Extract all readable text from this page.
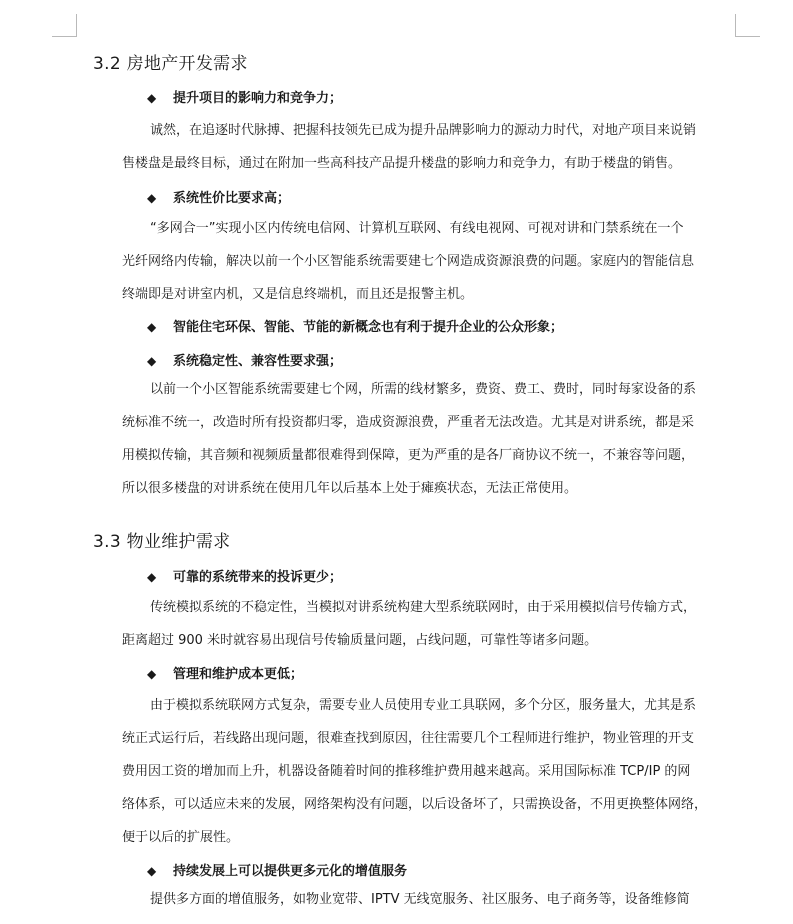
3.2 房地产开发需求
◆ 提升项目的影响力和竞争力；
诚然，在追逐时代脉搏、把握科技领先已成为提升品牌影响力的源动力时代，对地产项目来说销
售楼盘是最终目标，通过在附加一些高科技产品提升楼盘的影响力和竞争力，有助于楼盘的销售。
◆ 系统性价比要求高；
“多网合一”实现小区内传统电信网、计算机互联网、有线电视网、可视对讲和门禁系统在一个
光纤网络内传输，解决以前一个小区智能系统需要建七个网造成资源浪费的问题。家庭内的智能信息
终端即是对讲室内机，又是信息终端机，而且还是报警主机。
◆ 智能住宅环保、智能、节能的新概念也有利于提升企业的公众形象；
◆ 系统稳定性、兼容性要求强；
以前一个小区智能系统需要建七个网，所需的线材繁多，费资、费工、费时，同时每家设备的系
统标准不统一，改造时所有投资都归零，造成资源浪费，严重者无法改造。尤其是对讲系统，都是采
用模拟传输，其音频和视频质量都很难得到保障，更为严重的是各厂商协议不统一，不兼容等问题，
所以很多楼盘的对讲系统在使用几年以后基本上处于瘫痪状态，无法正常使用。
3.3 物业维护需求
◆ 可靠的系统带来的投诉更少；
传统模拟系统的不稳定性，当模拟对讲系统构建大型系统联网时，由于采用模拟信号传输方式，
距离超过 900 米时就容易出现信号传输质量问题，占线问题，可靠性等诸多问题。
◆ 管理和维护成本更低；
由于模拟系统联网方式复杂，需要专业人员使用专业工具联网，多个分区，服务量大，尤其是系
统正式运行后，若线路出现问题，很难查找到原因，往往需要几个工程师进行维护，物业管理的开支
费用因工资的增加而上升，机器设备随着时间的推移维护费用越来越高。采用国际标准 TCP/IP 的网
络体系，可以适应未来的发展，网络架构没有问题，以后设备坏了，只需换设备，不用更换整体网络，
便于以后的扩展性。
◆ 持续发展上可以提供更多元化的增值服务
提供多方面的增值服务，如物业宽带、IPTV 无线宽服务、社区服务、电子商务等，设备维修简
